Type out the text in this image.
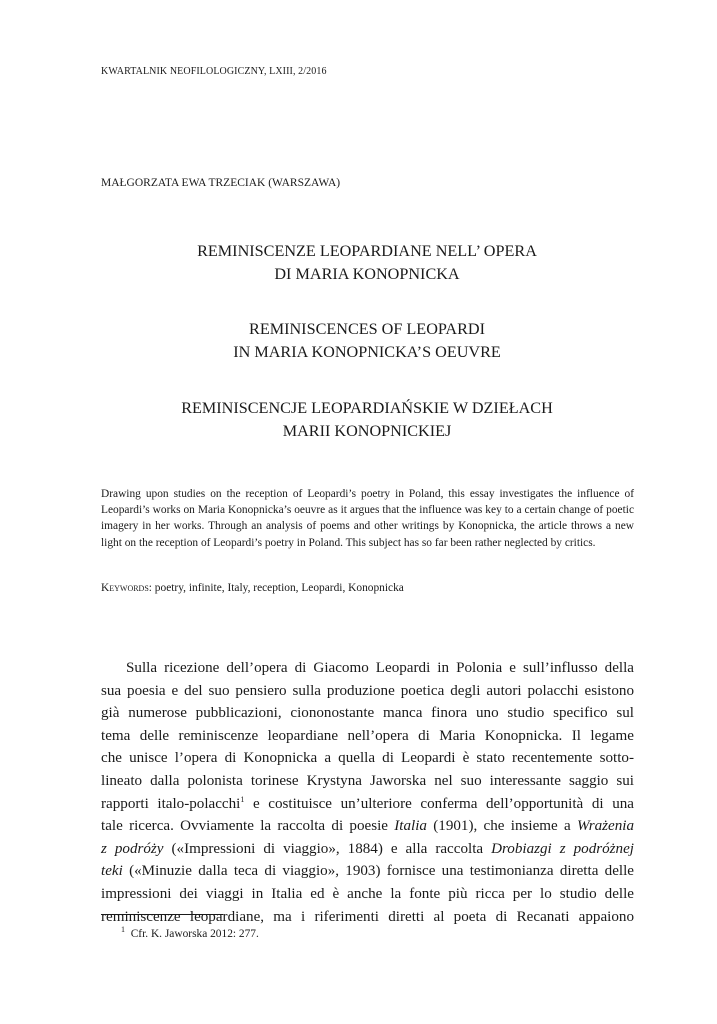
KWARTALNIK NEOFILOLOGICZNY, LXIII, 2/2016
MAŁGORZATA EWA TRZECIAK (WARSZAWA)
REMINISCENZE LEOPARDIANE NELL’ OPERA
DI MARIA KONOPNICKA
REMINISCENCES OF LEOPARDI
IN MARIA KONOPNICKA’S OEUVRE
REMINISCENCJE LEOPARDIAŃSKIE W DZIEŁACH
MARII KONOPNICKIEJ
Drawing upon studies on the reception of Leopardi’s poetry in Poland, this essay investigates the influence of Leopardi’s works on Maria Konopnicka’s oeuvre as it argues that the influence was key to a certain change of poetic imagery in her works. Through an analysis of poems and other writings by Konopnicka, the article throws a new light on the reception of Leopardi’s poetry in Poland. This subject has so far been rather neglected by critics.
Keywords: poetry, infinite, Italy, reception, Leopardi, Konopnicka

Sulla ricezione dell’opera di Giacomo Leopardi in Polonia e sull’influsso della
sua poesia e del suo pensiero sulla produzione poetica degli autori polacchi esistono
già numerose pubblicazioni, ciononostante manca finora uno studio specifico sul
tema delle reminiscenze leopardiane nell’opera di Maria Konopnicka. Il legame
che unisce l’opera di Konopnicka a quella di Leopardi è stato recentemente sotto-
lineato dalla polonista torinese Krystyna Jaworska nel suo interessante saggio sui
rapporti italo-polacchi$^1$ e costituisce un’ulteriore conferma dell’opportunità di una
tale ricerca. Ovviamente la raccolta di poesie Italia (1901), che insieme a Wrażenia
z podróży («Impressioni di viaggio», 1884) e alla raccolta Drobiazgi z podróżnej
teki («Minuzie dalla teca di viaggio», 1903) fornisce una testimonianza diretta delle
impressioni dei viaggi in Italia ed è anche la fonte più ricca per lo studio delle
reminiscenze leopardiane, ma i riferimenti diretti al poeta di Recanati appaiono

$^1$ Cfr. K. Jaworska 2012: 277.
